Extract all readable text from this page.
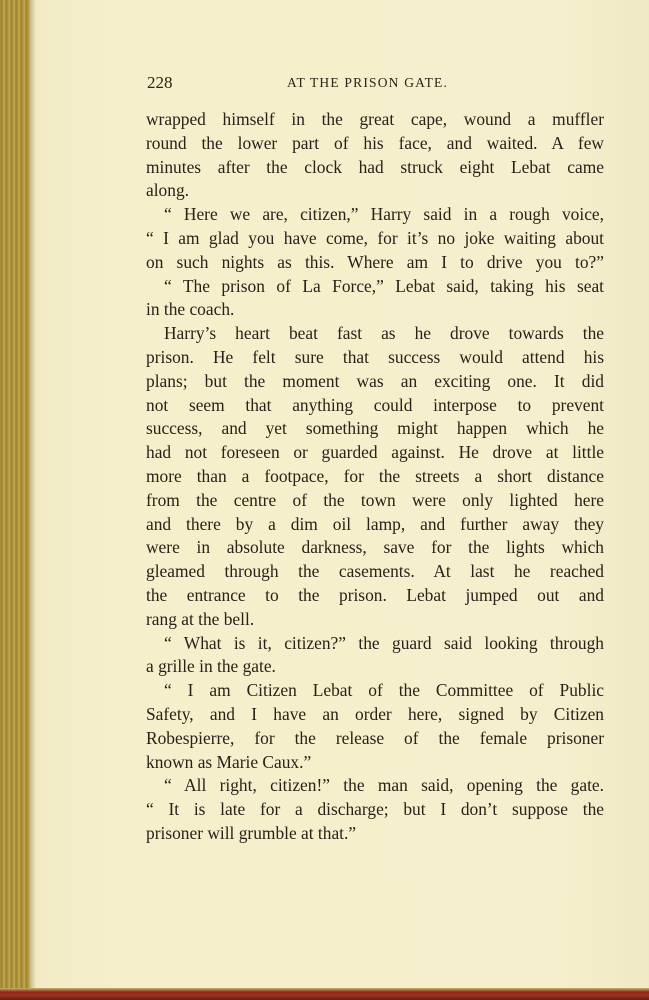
228	AT THE PRISON GATE.
wrapped himself in the great cape, wound a muffler
round the lower part of his face, and waited. A few
minutes after the clock had struck eight Lebat came
along.
“ Here we are, citizen,” Harry said in a rough voice,
“ I am glad you have come, for it’s no joke waiting about
on such nights as this. Where am I to drive you to?”
“ The prison of La Force,” Lebat said, taking his seat
in the coach.
Harry’s heart beat fast as he drove towards the
prison. He felt sure that success would attend his
plans; but the moment was an exciting one. It did
not seem that anything could interpose to prevent
success, and yet something might happen which he
had not foreseen or guarded against. He drove at little
more than a footpace, for the streets a short distance
from the centre of the town were only lighted here
and there by a dim oil lamp, and further away they
were in absolute darkness, save for the lights which
gleamed through the casements. At last he reached
the entrance to the prison. Lebat jumped out and
rang at the bell.
“ What is it, citizen?” the guard said looking through
a grille in the gate.
“ I am Citizen Lebat of the Committee of Public
Safety, and I have an order here, signed by Citizen
Robespierre, for the release of the female prisoner
known as Marie Caux.”
“ All right, citizen!” the man said, opening the gate.
“ It is late for a discharge; but I don’t suppose the
prisoner will grumble at that.”
